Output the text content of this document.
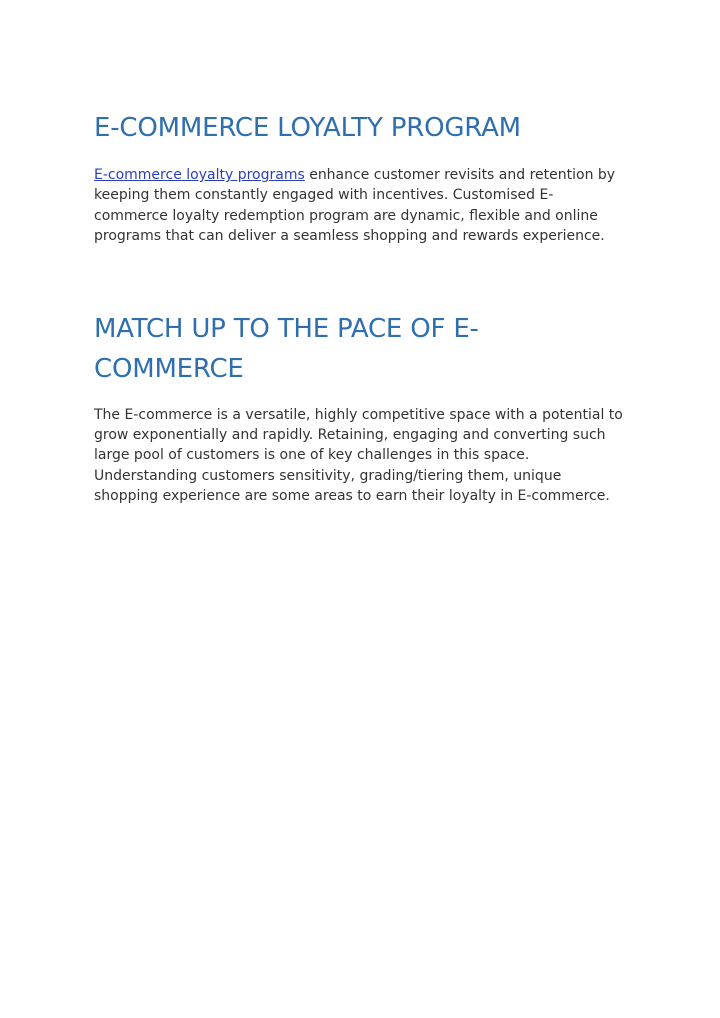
E-COMMERCE LOYALTY PROGRAM

E-commerce loyalty programs enhance customer revisits and retention by keeping them constantly engaged with incentives. Customised E-commerce loyalty redemption program are dynamic, flexible and online programs that can deliver a seamless shopping and rewards experience.

MATCH UP TO THE PACE OF E-COMMERCE

The E-commerce is a versatile, highly competitive space with a potential to grow exponentially and rapidly. Retaining, engaging and converting such large pool of customers is one of key challenges in this space. Understanding customers sensitivity, grading/tiering them, unique shopping experience are some areas to earn their loyalty in E-commerce.
